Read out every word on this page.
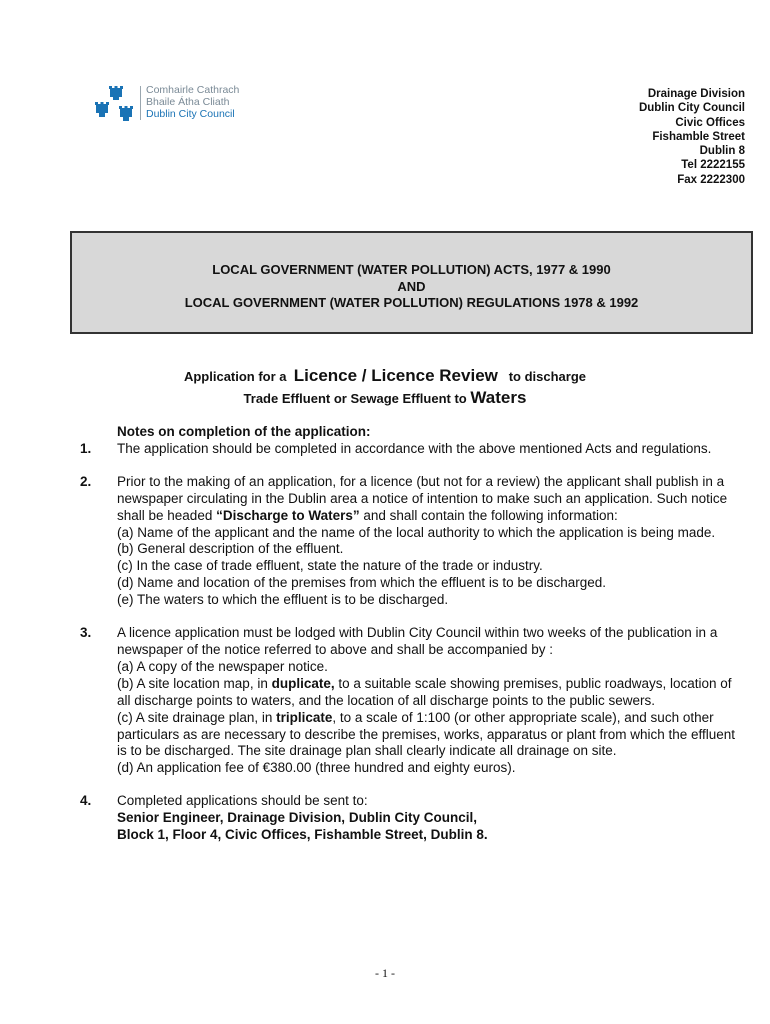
Comhairle Cathrach
Bhaile Átha Cliath
Dublin City Council
Drainage Division
Dublin City Council
Civic Offices
Fishamble Street
Dublin 8
Tel 2222155
Fax 2222300
LOCAL GOVERNMENT (WATER POLLUTION) ACTS, 1977 & 1990
AND
LOCAL GOVERNMENT (WATER POLLUTION) REGULATIONS 1978 & 1992
Application for a Licence / Licence Review to discharge
Trade Effluent or Sewage Effluent to Waters
Notes on completion of the application:
1. The application should be completed in accordance with the above mentioned Acts and regulations.

2. Prior to the making of an application, for a licence (but not for a review) the applicant shall publish in a newspaper circulating in the Dublin area a notice of intention to make such an application. Such notice shall be headed “Discharge to Waters” and shall contain the following information:

(a) Name of the applicant and the name of the local authority to which the application is being made.

(b) General description of the effluent.

(c) In the case of trade effluent, state the nature of the trade or industry.

(d) Name and location of the premises from which the effluent is to be discharged.

(e) The waters to which the effluent is to be discharged.

3. A licence application must be lodged with Dublin City Council within two weeks of the publication in a newspaper of the notice referred to above and shall be accompanied by :

(a) A copy of the newspaper notice.

(b) A site location map, in duplicate, to a suitable scale showing premises, public roadways, location of all discharge points to waters, and the location of all discharge points to the public sewers.

(c) A site drainage plan, in triplicate, to a scale of 1:100 (or other appropriate scale), and such other particulars as are necessary to describe the premises, works, apparatus or plant from which the effluent is to be discharged. The site drainage plan shall clearly indicate all drainage on site.

(d) An application fee of €380.00 (three hundred and eighty euros).

4. Completed applications should be sent to:

Senior Engineer, Drainage Division, Dublin City Council,

Block 1, Floor 4, Civic Offices, Fishamble Street, Dublin 8.

- 1 -
